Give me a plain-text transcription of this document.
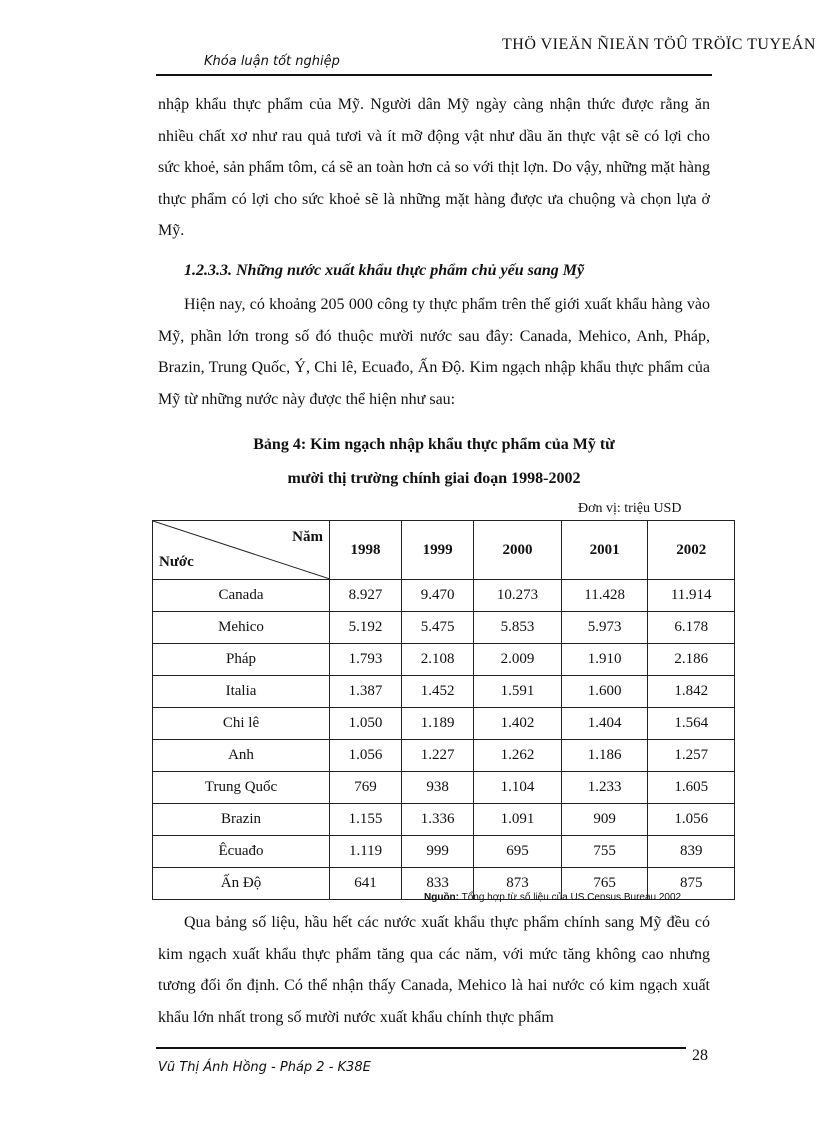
Khóa luận tốt nghiệp
THÖ VIEÄN ÑIEÄN TÖÛ TRÖÏC TUYEÁN

nhập khẩu thực phẩm của Mỹ. Người dân Mỹ ngày càng nhận thức được rằng ăn nhiều chất xơ như rau quả tươi và ít mỡ động vật như dầu ăn thực vật sẽ có lợi cho sức khoẻ, sản phẩm tôm, cá sẽ an toàn hơn cả so với thịt lợn. Do vậy, những mặt hàng thực phẩm có lợi cho sức khoẻ sẽ là những mặt hàng được ưa chuộng và chọn lựa ở Mỹ.

1.2.3.3. Những nước xuất khẩu thực phẩm chủ yếu sang Mỹ

Hiện nay, có khoảng 205 000 công ty thực phẩm trên thế giới xuất khẩu hàng vào Mỹ, phần lớn trong số đó thuộc mười nước sau đây: Canada, Mehico, Anh, Pháp, Brazin, Trung Quốc, Ý, Chi lê, Ecuađo, Ấn Độ. Kim ngạch nhập khẩu thực phẩm của Mỹ từ những nước này được thể hiện như sau:

Bảng 4: Kim ngạch nhập khẩu thực phẩm của Mỹ từ
mười thị trường chính giai đoạn 1998-2002
Đơn vị: triệu USD
Năm
Nước	1998	1999	2000	2001	2002
Canada	8.927	9.470	10.273	11.428	11.914
Mehico	5.192	5.475	5.853	5.973	6.178
Pháp	1.793	2.108	2.009	1.910	2.186
Italia	1.387	1.452	1.591	1.600	1.842
Chi lê	1.050	1.189	1.402	1.404	1.564
Anh	1.056	1.227	1.262	1.186	1.257
Trung Quốc	769	938	1.104	1.233	1.605
Brazin	1.155	1.336	1.091	909	1.056
Êcuađo	1.119	999	695	755	839
Ấn Độ	641	833	873	765	875
Nguồn: Tổng hợp từ số liệu của US Census Bureau 2002

Qua bảng số liệu, hầu hết các nước xuất khẩu thực phẩm chính sang Mỹ đều có kim ngạch xuất khẩu thực phẩm tăng qua các năm, với mức tăng không cao nhưng tương đối ổn định. Có thể nhận thấy Canada, Mehico là hai nước có kim ngạch xuất khẩu lớn nhất trong số mười nước xuất khẩu chính thực phẩm

Vũ Thị Ánh Hồng - Pháp 2 - K38E
28
